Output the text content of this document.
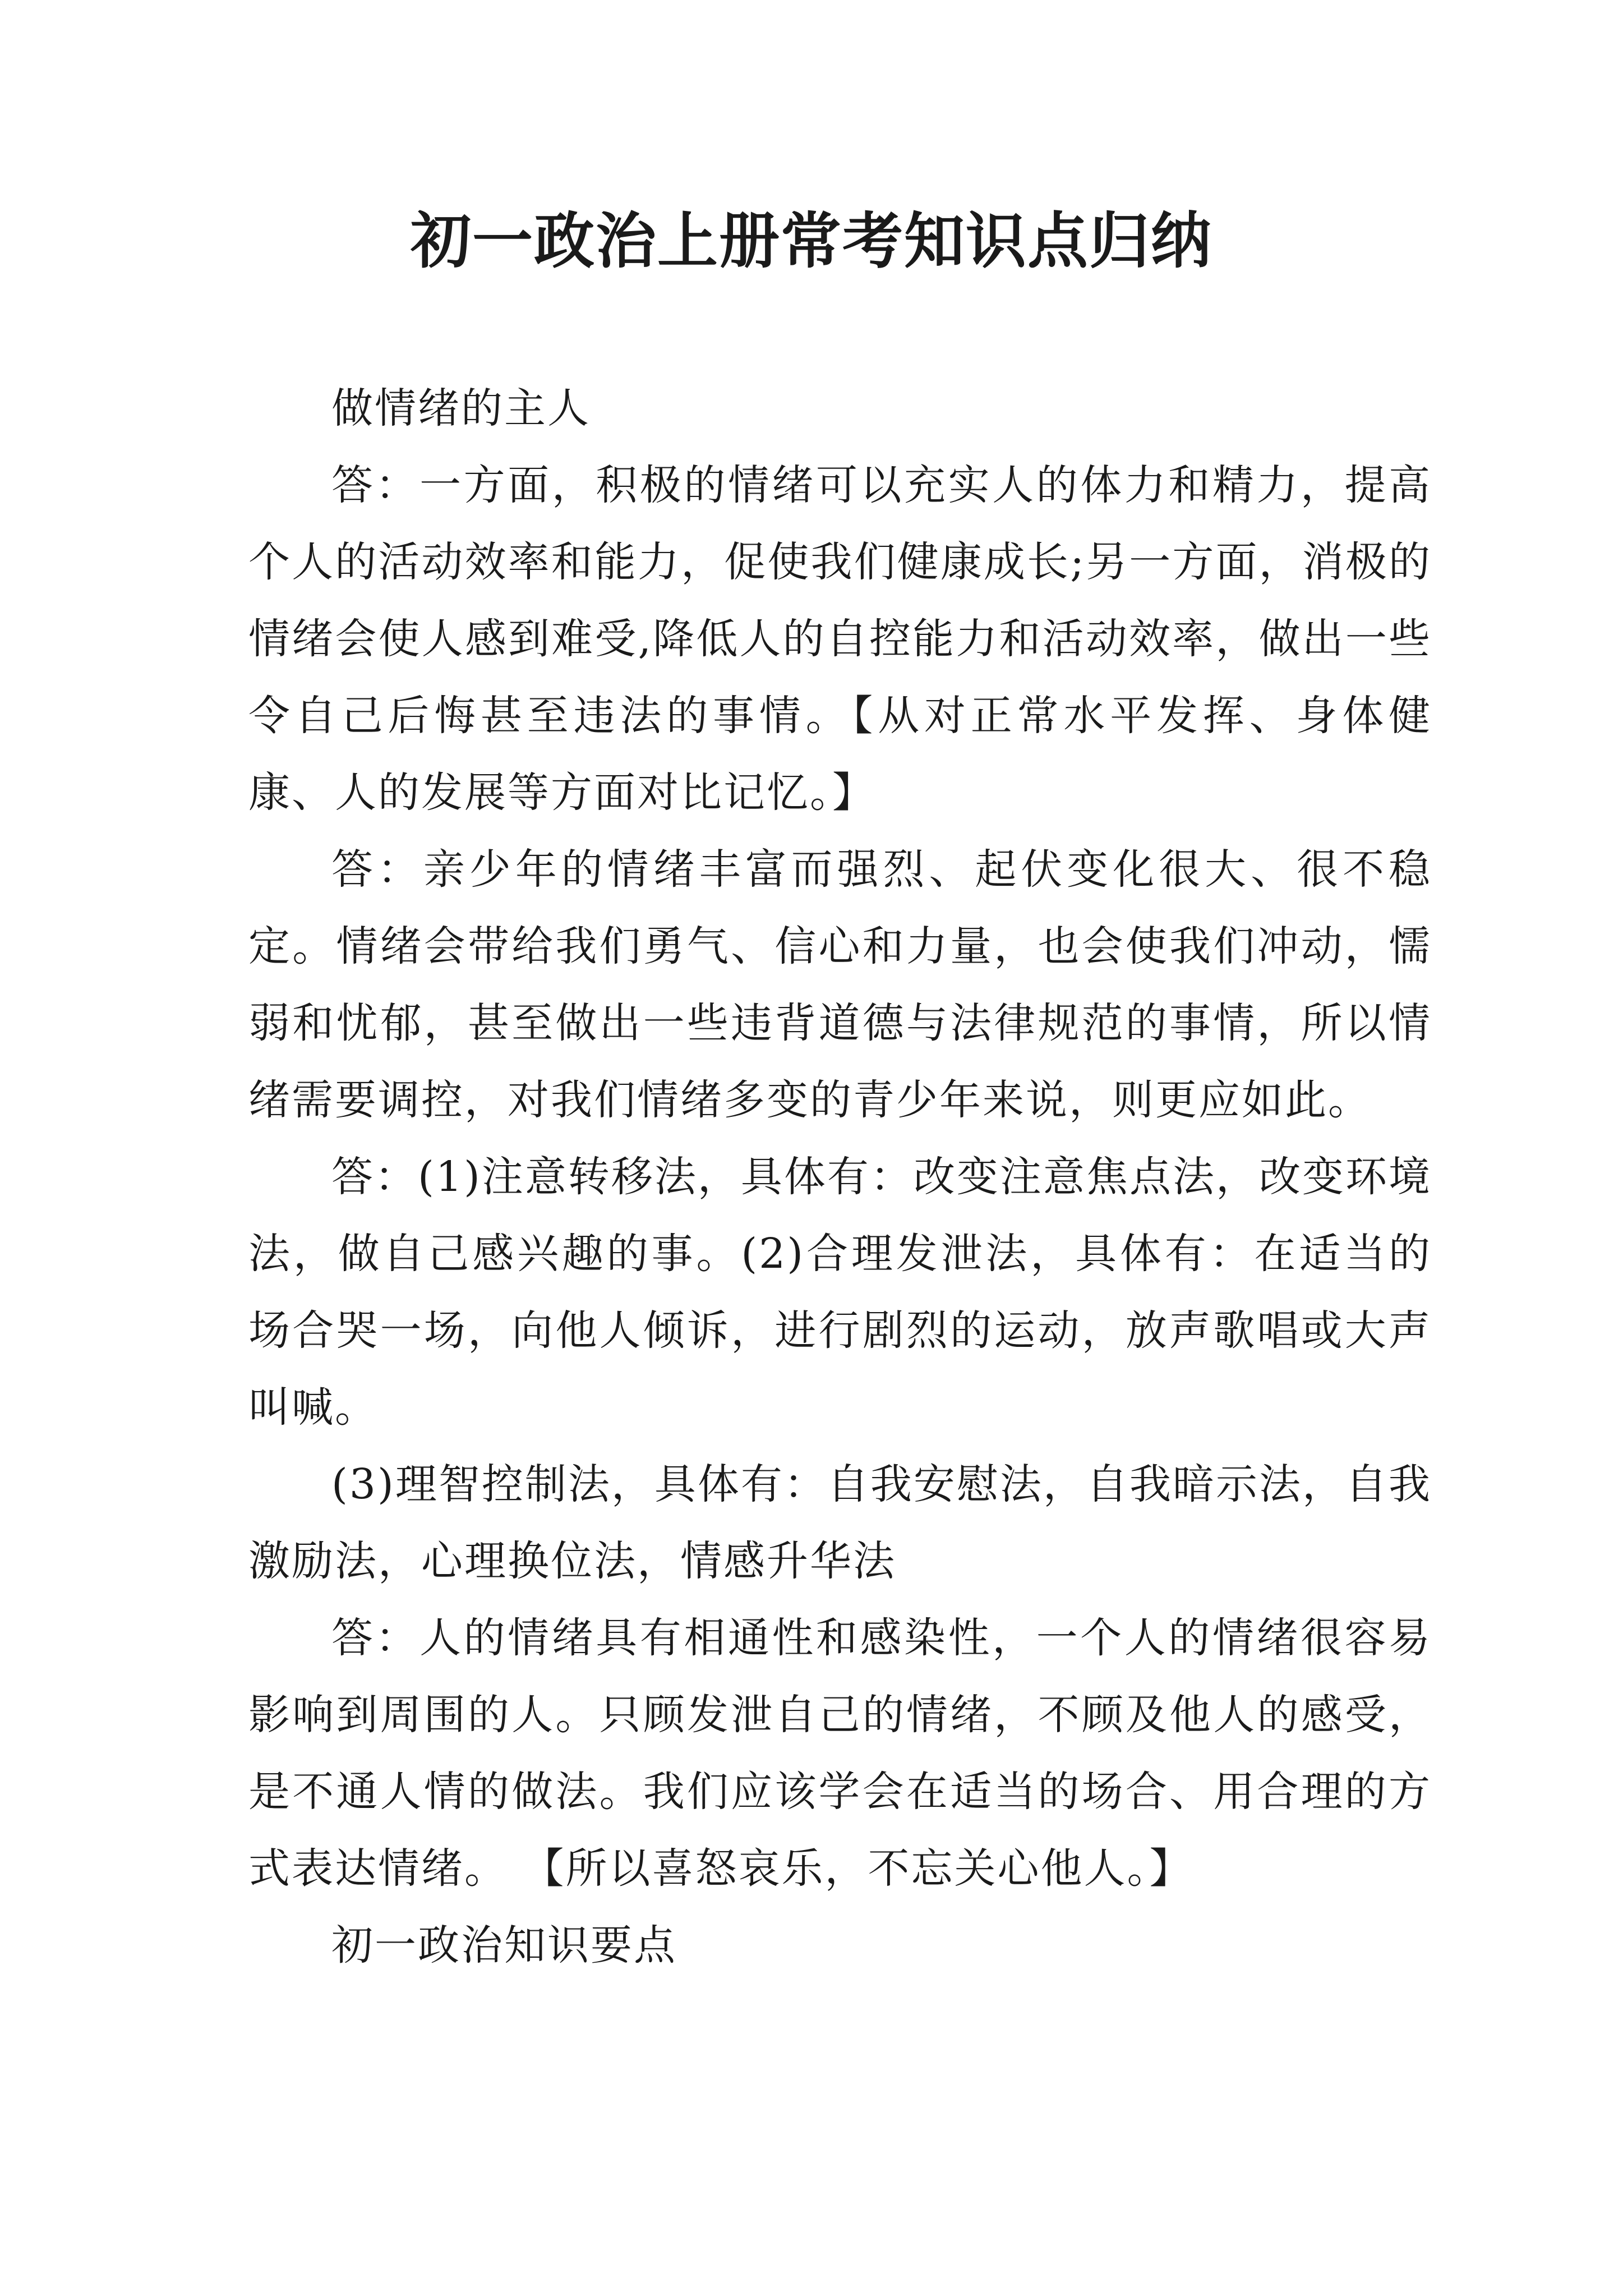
初一政治上册常考知识点归纳

做情绪的主人

答：一方面，积极的情绪可以充实人的体力和精力，提高个人的活动效率和能力，促使我们健康成长;另一方面，消极的情绪会使人感到难受,降低人的自控能力和活动效率，做出一些令自己后悔甚至违法的事情。【从对正常水平发挥、身体健康、人的发展等方面对比记忆。】

答：亲少年的情绪丰富而强烈、起伏变化很大、很不稳定。情绪会带给我们勇气、信心和力量，也会使我们冲动，懦弱和忧郁，甚至做出一些违背道德与法律规范的事情，所以情绪需要调控，对我们情绪多变的青少年来说，则更应如此。

答：(1)注意转移法，具体有：改变注意焦点法，改变环境法，做自己感兴趣的事。(2)合理发泄法，具体有：在适当的场合哭一场，向他人倾诉，进行剧烈的运动，放声歌唱或大声叫喊。

(3)理智控制法，具体有：自我安慰法，自我暗示法，自我激励法，心理换位法，情感升华法

答：人的情绪具有相通性和感染性，一个人的情绪很容易影响到周围的人。只顾发泄自己的情绪，不顾及他人的感受，是不通人情的做法。我们应该学会在适当的场合、用合理的方式表达情绪。 【所以喜怒哀乐，不忘关心他人。】

初一政治知识要点
